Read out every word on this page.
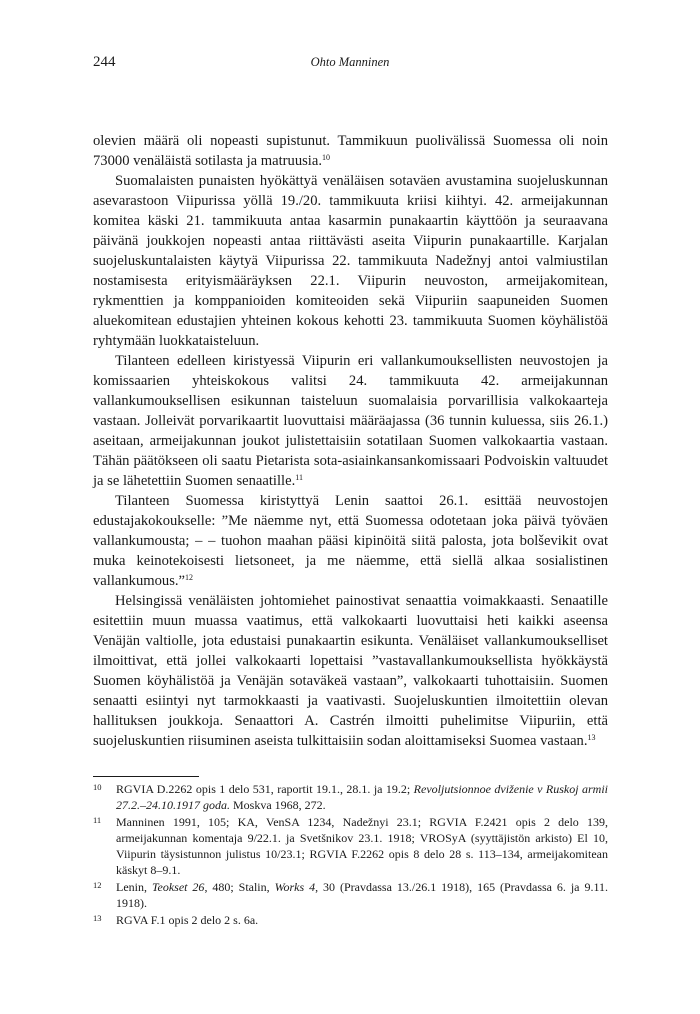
244	Ohto Manninen

olevien määrä oli nopeasti supistunut. Tammikuun puolivälissä Suomessa oli noin 73000 venäläistä sotilasta ja matruusia.$^{10}$

Suomalaisten punaisten hyökättyä venäläisen sotaväen avustamina suojeluskunnan asevarastoon Viipurissa yöllä 19./20. tammikuuta kriisi kiihtyi. 42. armeijakunnan komitea käski 21. tammikuuta antaa kasarmin punakaartin käyttöön ja seuraavana päivänä joukkojen nopeasti antaa riittävästi aseita Viipurin punakaartille. Karjalan suojeluskuntalaisten käytyä Viipurissa 22. tammikuuta Nadežnyj antoi valmiustilan nostamisesta erityismääräyksen 22.1. Viipurin neuvoston, armeijakomitean, rykmenttien ja komppanioiden komiteoiden sekä Viipuriin saapuneiden Suomen aluekomitean edustajien yhteinen kokous kehotti 23. tammikuuta Suomen köyhälistöä ryhtymään luokkataisteluun.

Tilanteen edelleen kiristyessä Viipurin eri vallankumouksellisten neuvostojen ja komissaarien yhteiskokous valitsi 24. tammikuuta 42. armeijakunnan vallankumouksellisen esikunnan taisteluun suomalaisia porvarillisia valkokaarteja vastaan. Jolleivät porvarikaartit luovuttaisi määräajassa (36 tunnin kuluessa, siis 26.1.) aseitaan, armeijakunnan joukot julistettaisiin sotatilaan Suomen valkokaartia vastaan. Tähän päätökseen oli saatu Pietarista sota-asiainkansankomissaari Podvoiskin valtuudet ja se lähetettiin Suomen senaatille.$^{11}$

Tilanteen Suomessa kiristyttyä Lenin saattoi 26.1. esittää neuvostojen edustajakokoukselle: ”Me näemme nyt, että Suomessa odotetaan joka päivä työväen vallankumousta; – – tuohon maahan pääsi kipinöitä siitä palosta, jota bolševikit ovat muka keinotekoisesti lietsoneet, ja me näemme, että siellä alkaa sosialistinen vallankumous.”$^{12}$

Helsingissä venäläisten johtomiehet painostivat senaattia voimakkaasti. Senaatille esitettiin muun muassa vaatimus, että valkokaarti luovuttaisi heti kaikki aseensa Venäjän valtiolle, jota edustaisi punakaartin esikunta. Venäläiset vallankumoukselliset ilmoittivat, että jollei valkokaarti lopettaisi ”vastavallankumouksellista hyökkäystä Suomen köyhälistöä ja Venäjän sotaväkeä vastaan”, valkokaarti tuhottaisiin. Suomen senaatti esiintyi nyt tarmokkaasti ja vaativasti. Suojeluskuntien ilmoitettiin olevan hallituksen joukkoja. Senaattori A. Castrén ilmoitti puhelimitse Viipuriin, että suojeluskuntien riisuminen aseista tulkittaisiin sodan aloittamiseksi Suomea vastaan.$^{13}$

10 RGVIA D.2262 opis 1 delo 531, raportit 19.1., 28.1. ja 19.2; Revoljutsionnoe dviženie v Ruskoj armii 27.2.–24.10.1917 goda. Moskva 1968, 272.
11 Manninen 1991, 105; KA, VenSA 1234, Nadežnyi 23.1; RGVIA F.2421 opis 2 delo 139, armeijakunnan komentaja 9/22.1. ja Svetšnikov 23.1. 1918; VROSyA (syyttäjistön arkisto) El 10, Viipurin täysistunnon julistus 10/23.1; RGVIA F.2262 opis 8 delo 28 s. 113–134, armeijakomitean käskyt 8–9.1.
12 Lenin, Teokset 26, 480; Stalin, Works 4, 30 (Pravdassa 13./26.1 1918), 165 (Pravdassa 6. ja 9.11. 1918).
13 RGVA F.1 opis 2 delo 2 s. 6a.
